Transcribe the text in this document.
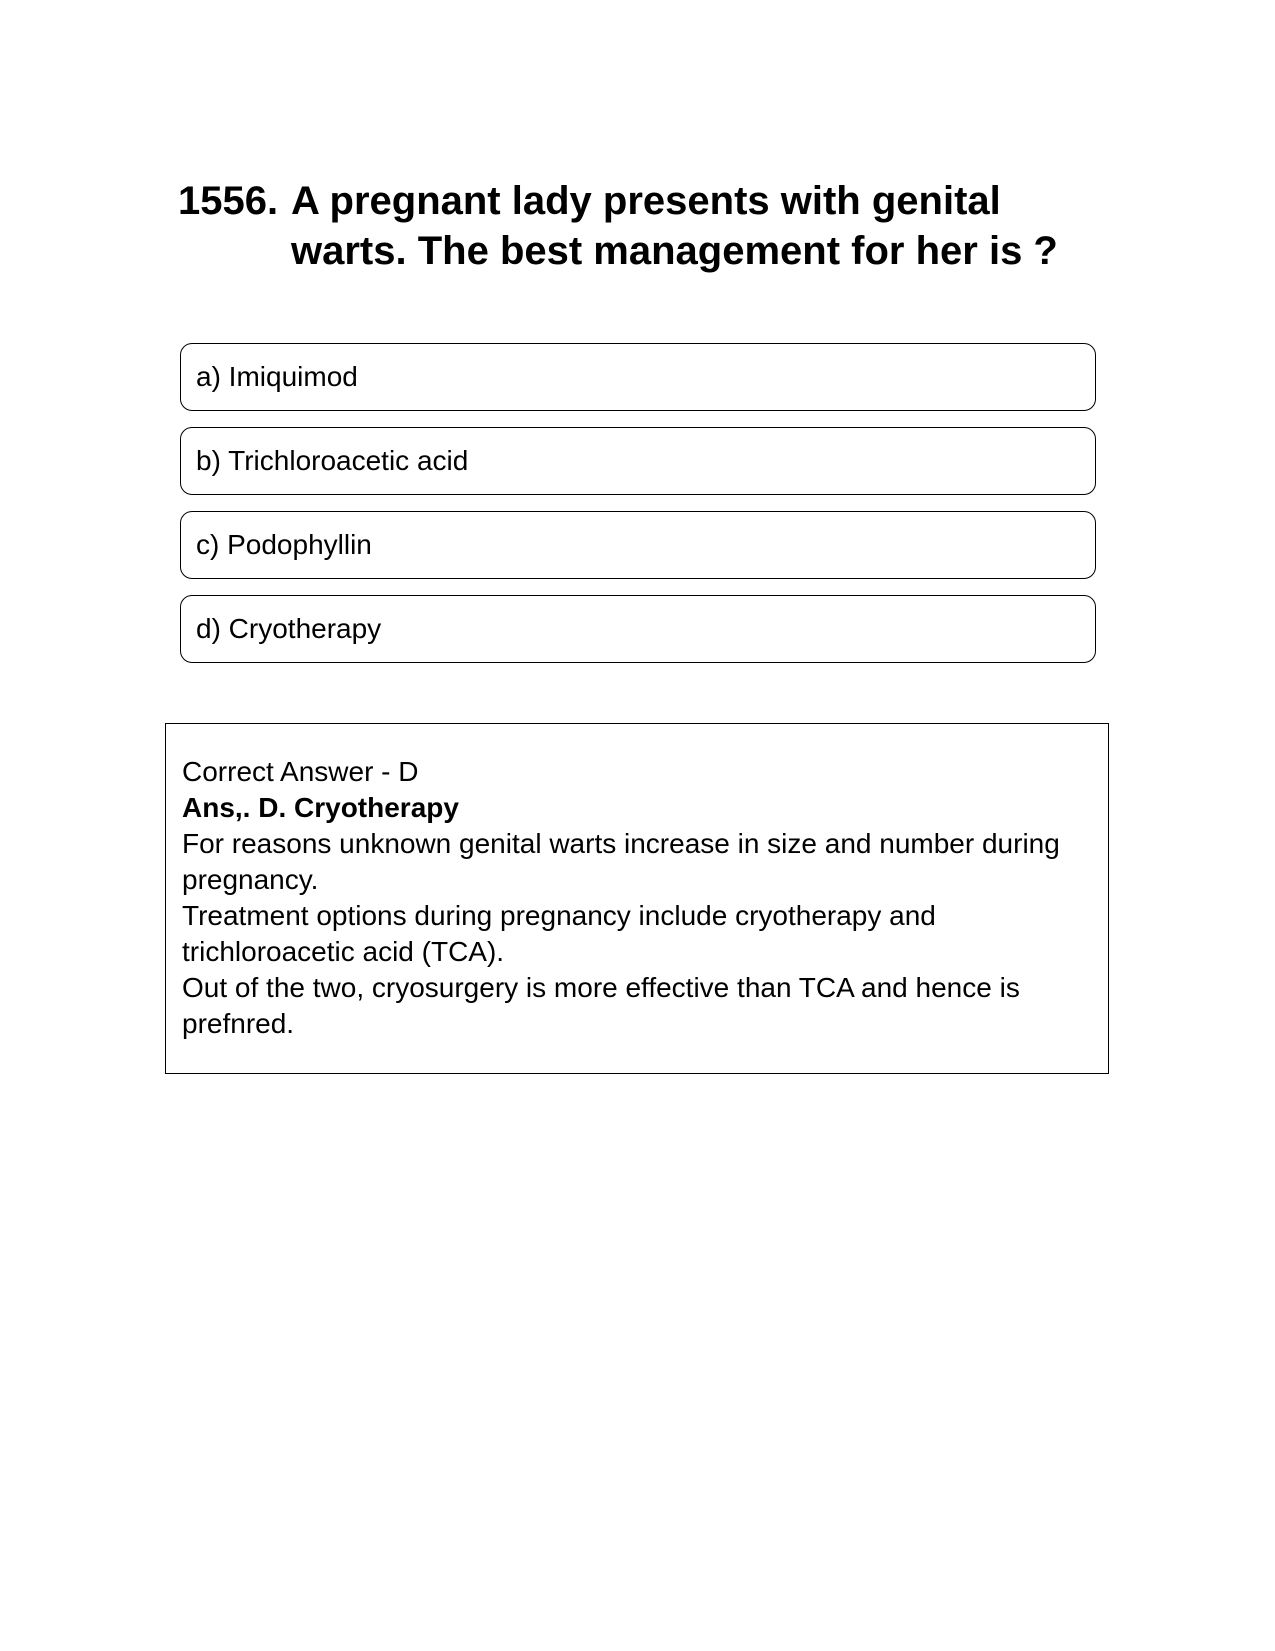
1556. A pregnant lady presents with genital warts. The best management for her is ?
a) Imiquimod
b) Trichloroacetic acid
c) Podophyllin
d) Cryotherapy
Correct Answer - D
Ans,. D. Cryotherapy
For reasons unknown genital warts increase in size and number during pregnancy.
Treatment options during pregnancy include cryotherapy and trichloroacetic acid (TCA).
Out of the two, cryosurgery is more effective than TCA and hence is prefnred.
